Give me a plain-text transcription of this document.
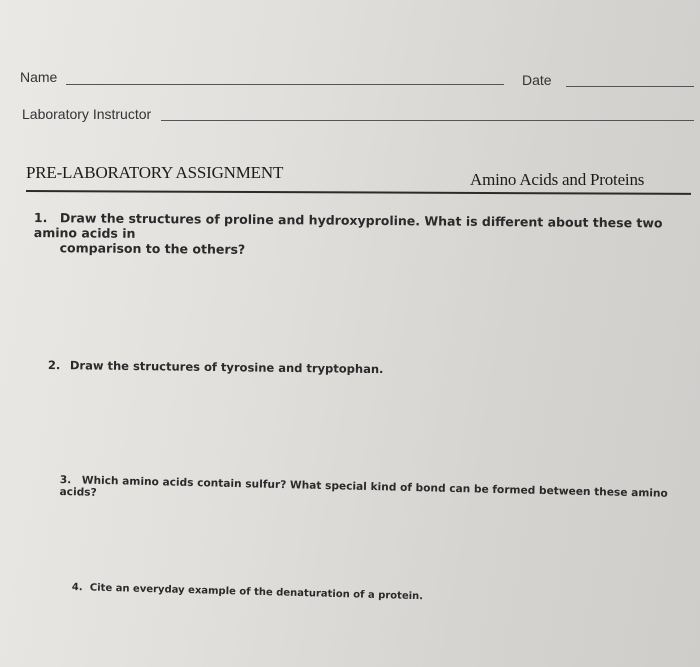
Name	Date
Laboratory Instructor
PRE-LABORATORY ASSIGNMENT	Amino Acids and Proteins
1. Draw the structures of proline and hydroxyproline. What is different about these two amino acids in
comparison to the others?
2. Draw the structures of tyrosine and tryptophan.
3. Which amino acids contain sulfur? What special kind of bond can be formed between these amino acids?
4. Cite an everyday example of the denaturation of a protein.
